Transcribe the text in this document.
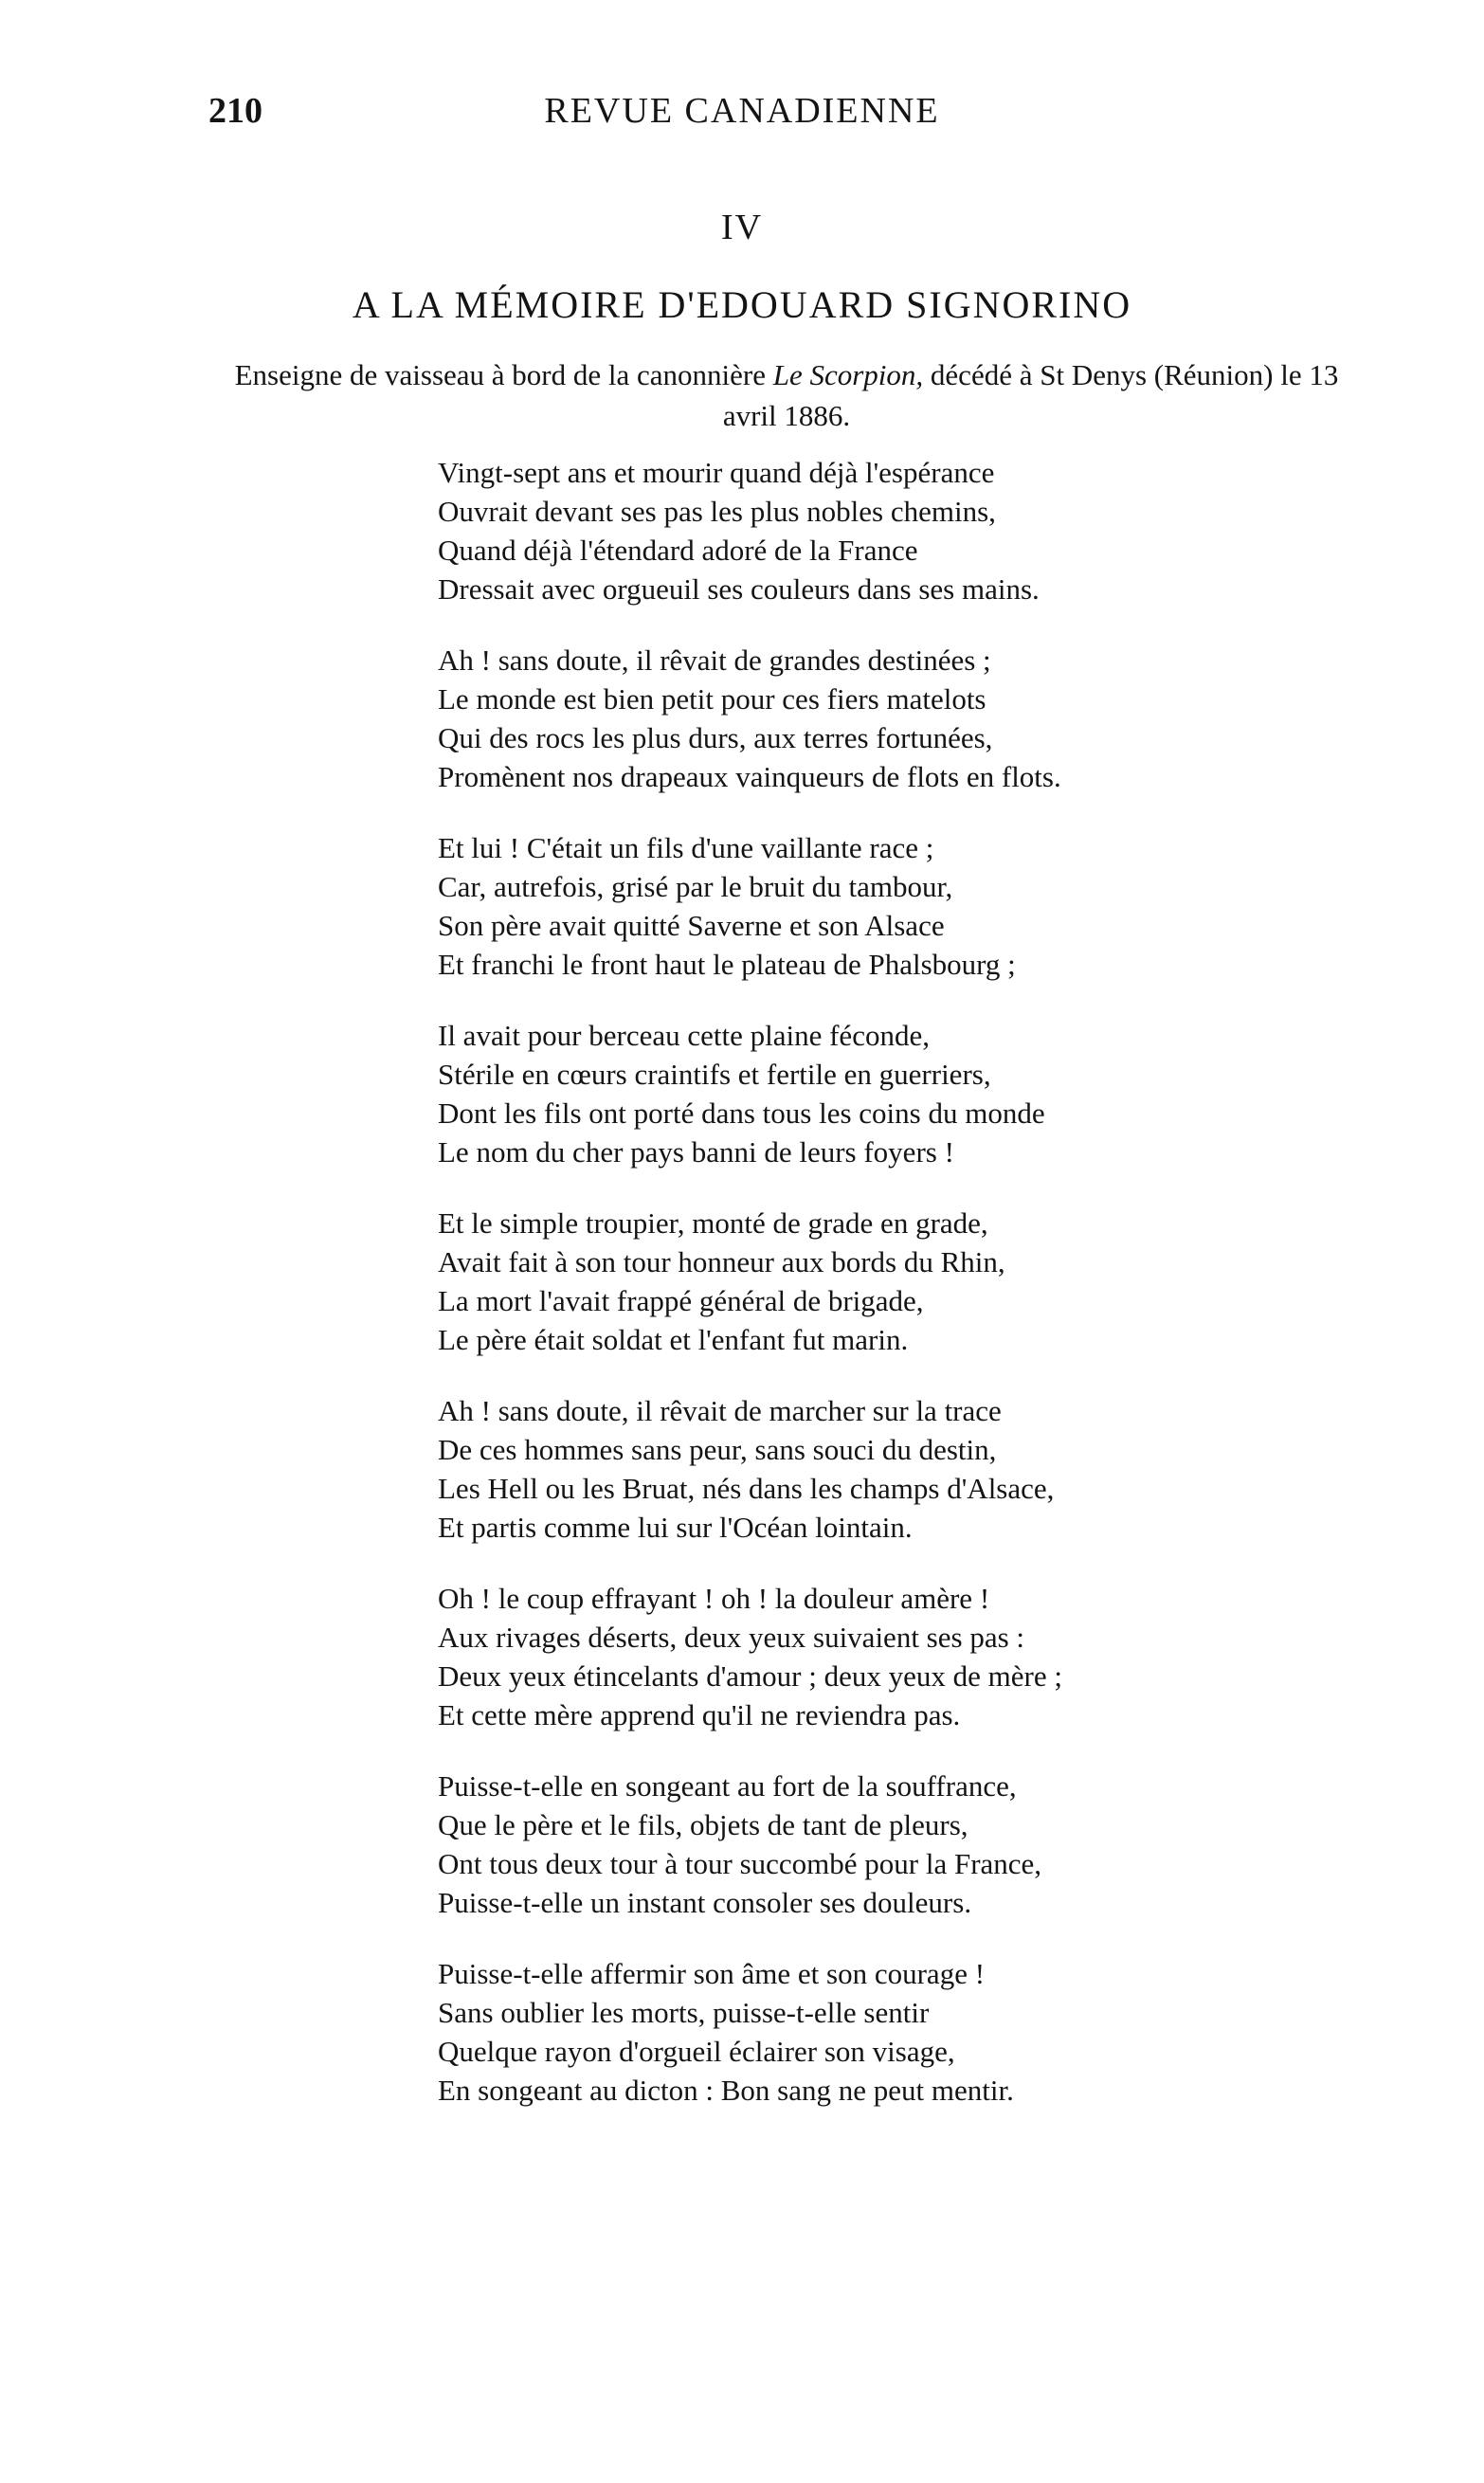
210	REVUE CANADIENNE
IV
A LA MÉMOIRE D'EDOUARD SIGNORINO
Enseigne de vaisseau à bord de la canonnière Le Scorpion, décédé à St Denys (Réunion) le 13 avril 1886.
Vingt-sept ans et mourir quand déjà l'espérance
Ouvrait devant ses pas les plus nobles chemins,
Quand déjà l'étendard adoré de la France
Dressait avec orgueuil ses couleurs dans ses mains.
Ah ! sans doute, il rêvait de grandes destinées ;
Le monde est bien petit pour ces fiers matelots
Qui des rocs les plus durs, aux terres fortunées,
Promènent nos drapeaux vainqueurs de flots en flots.
Et lui ! C'était un fils d'une vaillante race ;
Car, autrefois, grisé par le bruit du tambour,
Son père avait quitté Saverne et son Alsace
Et franchi le front haut le plateau de Phalsbourg ;
Il avait pour berceau cette plaine féconde,
Stérile en cœurs craintifs et fertile en guerriers,
Dont les fils ont porté dans tous les coins du monde
Le nom du cher pays banni de leurs foyers !
Et le simple troupier, monté de grade en grade,
Avait fait à son tour honneur aux bords du Rhin,
La mort l'avait frappé général de brigade,
Le père était soldat et l'enfant fut marin.
Ah ! sans doute, il rêvait de marcher sur la trace
De ces hommes sans peur, sans souci du destin,
Les Hell ou les Bruat, nés dans les champs d'Alsace,
Et partis comme lui sur l'Océan lointain.
Oh ! le coup effrayant ! oh ! la douleur amère !
Aux rivages déserts, deux yeux suivaient ses pas :
Deux yeux étincelants d'amour ; deux yeux de mère ;
Et cette mère apprend qu'il ne reviendra pas.
Puisse-t-elle en songeant au fort de la souffrance,
Que le père et le fils, objets de tant de pleurs,
Ont tous deux tour à tour succombé pour la France,
Puisse-t-elle un instant consoler ses douleurs.
Puisse-t-elle affermir son âme et son courage !
Sans oublier les morts, puisse-t-elle sentir
Quelque rayon d'orgueil éclairer son visage,
En songeant au dicton : Bon sang ne peut mentir.
